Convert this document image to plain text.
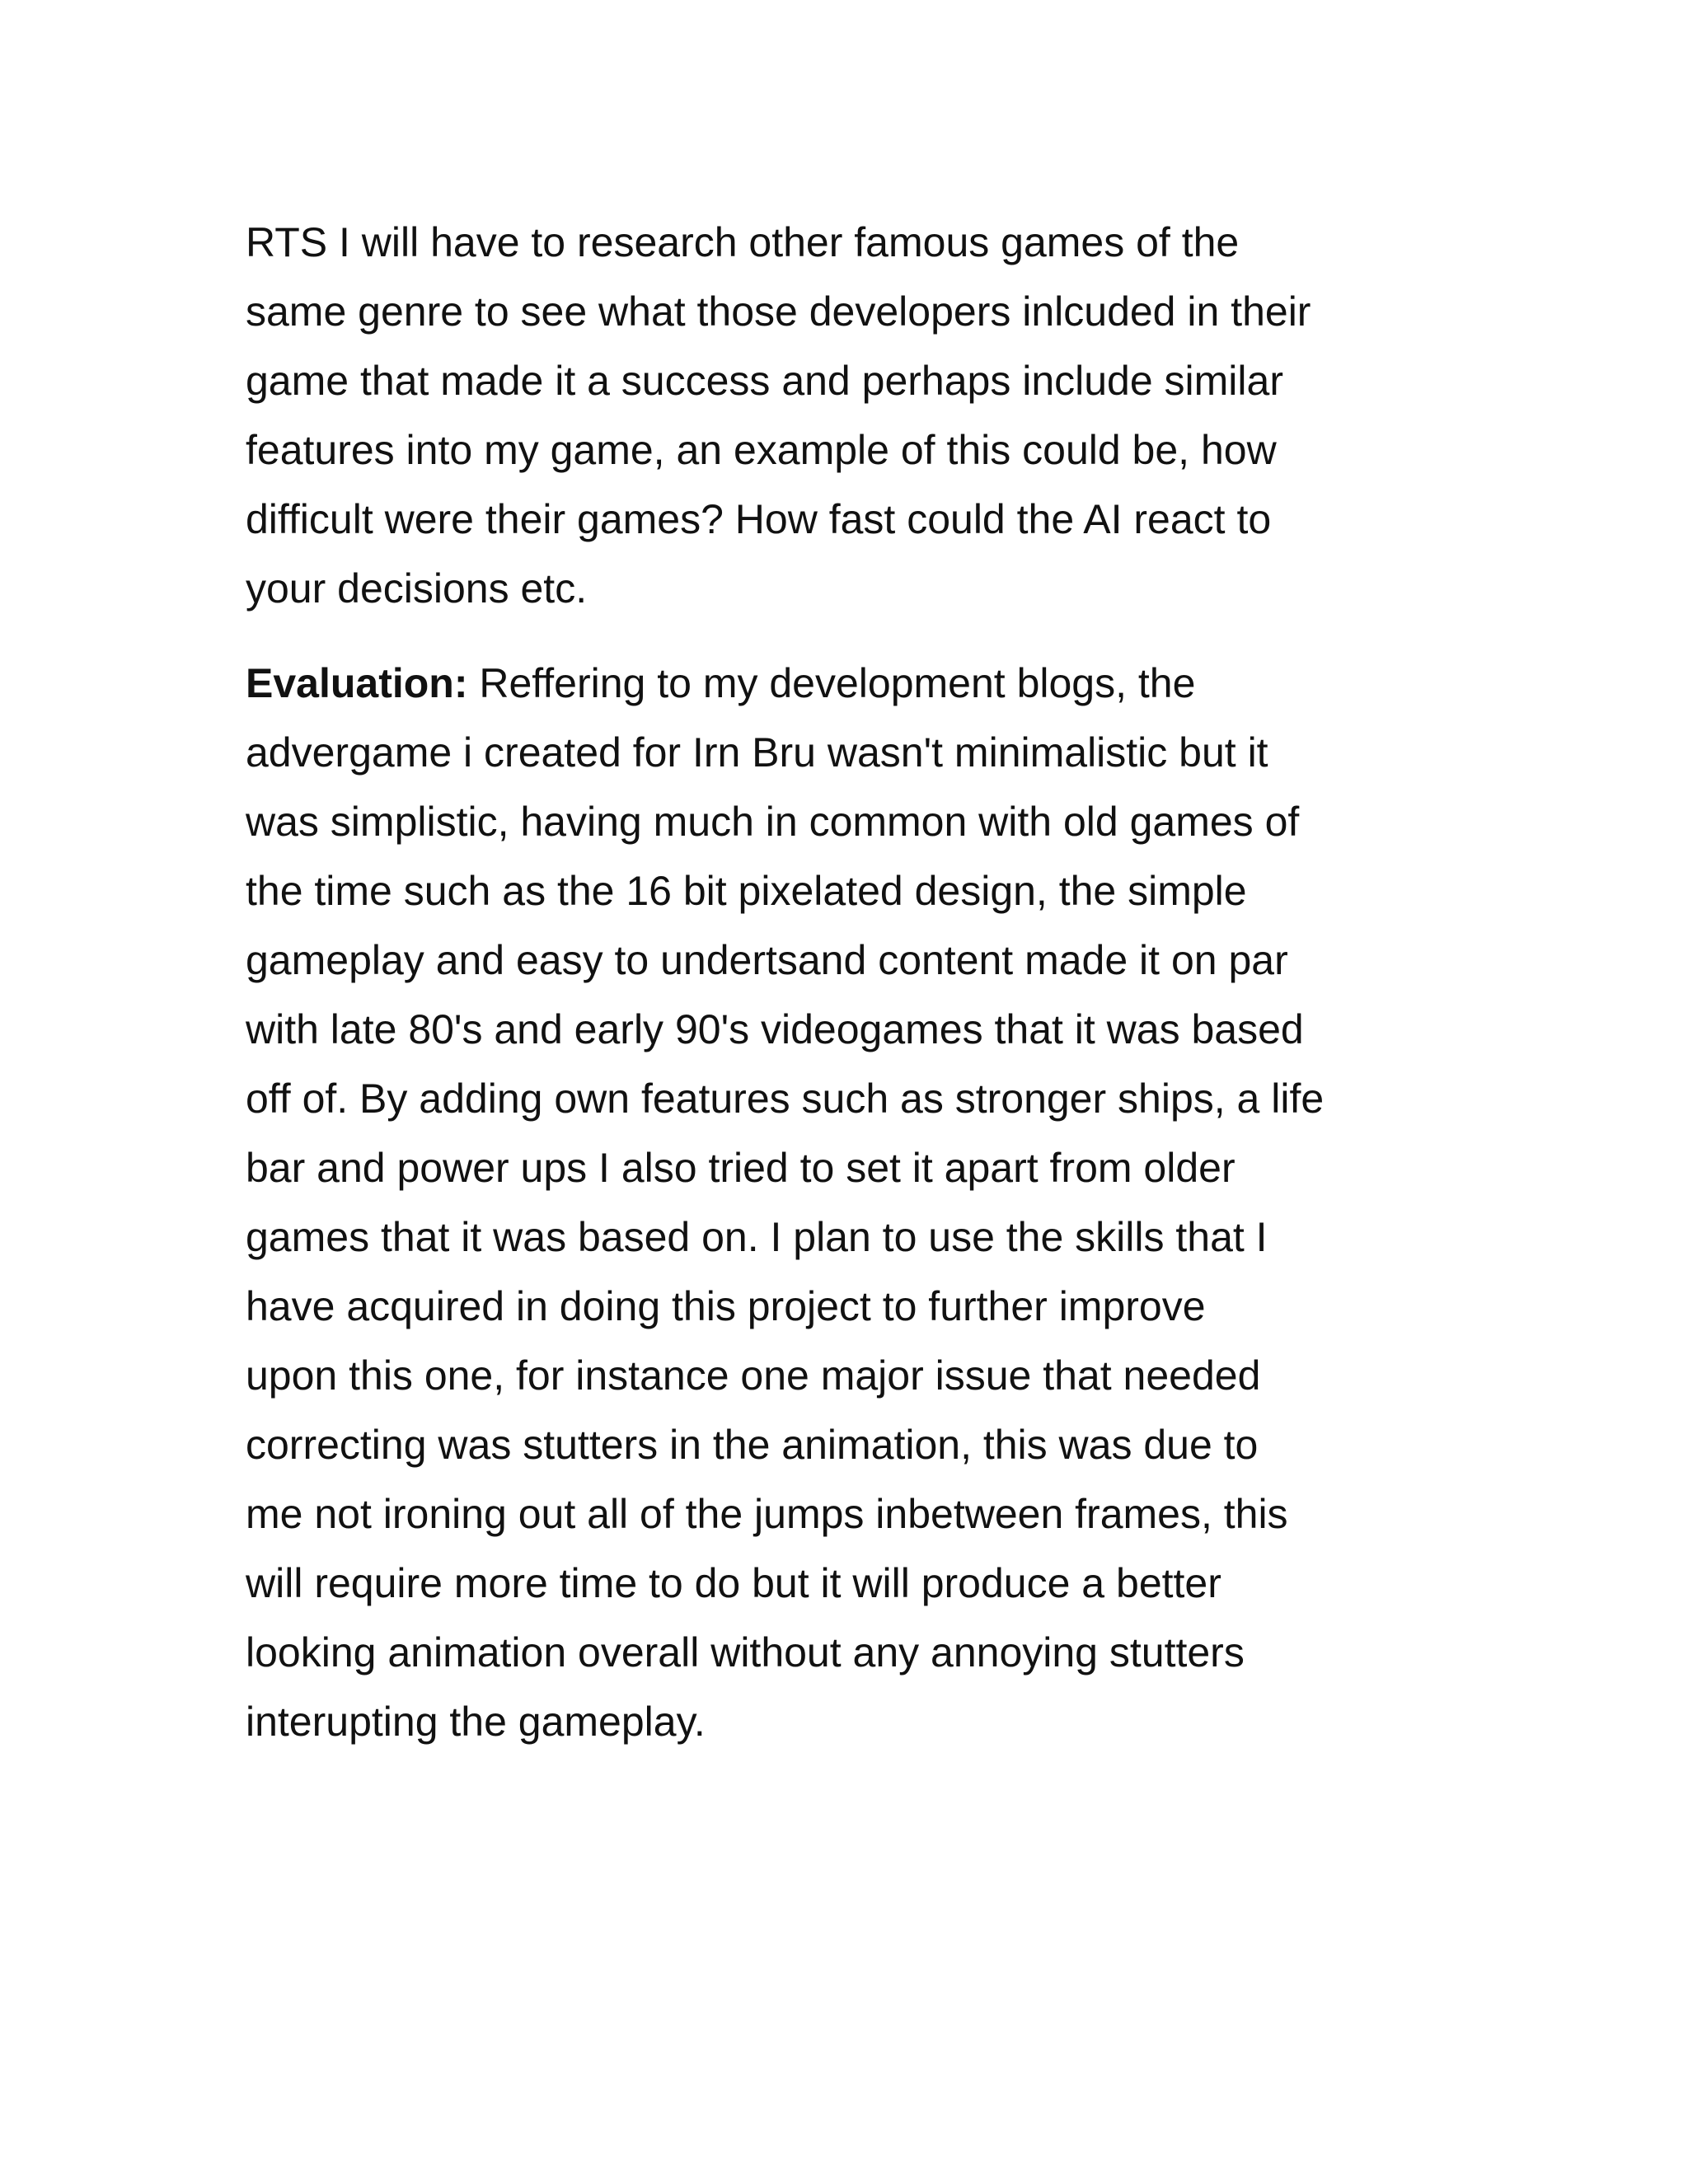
RTS I will have to research other famous games of the
same genre to see what those developers inlcuded in their
game that made it a success and perhaps include similar
features into my game, an example of this could be, how
difficult were their games? How fast could the AI react to
your decisions etc.
Evaluation: Reffering to my development blogs, the
advergame i created for Irn Bru wasn't minimalistic but it
was simplistic, having much in common with old games of
the time such as the 16 bit pixelated design, the simple
gameplay and easy to undertsand content made it on par
with late 80's and early 90's videogames that it was based
off of. By adding own features such as stronger ships, a life
bar and power ups I also tried to set it apart from older
games that it was based on. I plan to use the skills that I
have acquired in doing this project to further improve
upon this one, for instance one major issue that needed
correcting was stutters in the animation, this was due to
me not ironing out all of the jumps inbetween frames, this
will require more time to do but it will produce a better
looking animation overall without any annoying stutters
interupting the gameplay.
